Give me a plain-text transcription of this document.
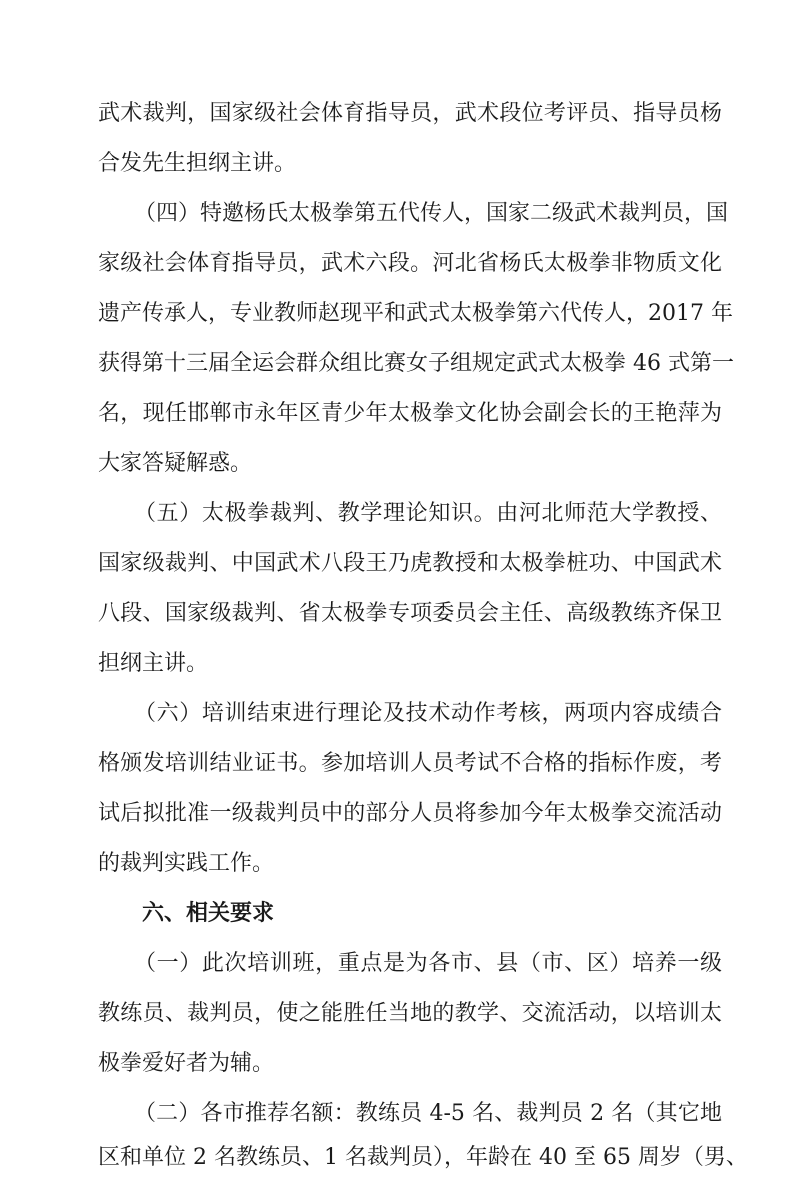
武术裁判，国家级社会体育指导员，武术段位考评员、指导员杨
合发先生担纲主讲。
（四）特邀杨氏太极拳第五代传人，国家二级武术裁判员，国
家级社会体育指导员，武术六段。河北省杨氏太极拳非物质文化
遗产传承人，专业教师赵现平和武式太极拳第六代传人，2017 年
获得第十三届全运会群众组比赛女子组规定武式太极拳 46 式第一
名，现任邯郸市永年区青少年太极拳文化协会副会长的王艳萍为
大家答疑解惑。
（五）太极拳裁判、教学理论知识。由河北师范大学教授、
国家级裁判、中国武术八段王乃虎教授和太极拳桩功、中国武术
八段、国家级裁判、省太极拳专项委员会主任、高级教练齐保卫
担纲主讲。
（六）培训结束进行理论及技术动作考核，两项内容成绩合
格颁发培训结业证书。参加培训人员考试不合格的指标作废，考
试后拟批准一级裁判员中的部分人员将参加今年太极拳交流活动
的裁判实践工作。
六、相关要求
（一）此次培训班，重点是为各市、县（市、区）培养一级
教练员、裁判员，使之能胜任当地的教学、交流活动，以培训太
极拳爱好者为辅。
（二）各市推荐名额：教练员 4-5 名、裁判员 2 名（其它地
区和单位 2 名教练员、1 名裁判员），年龄在 40 至 65 周岁（男、
